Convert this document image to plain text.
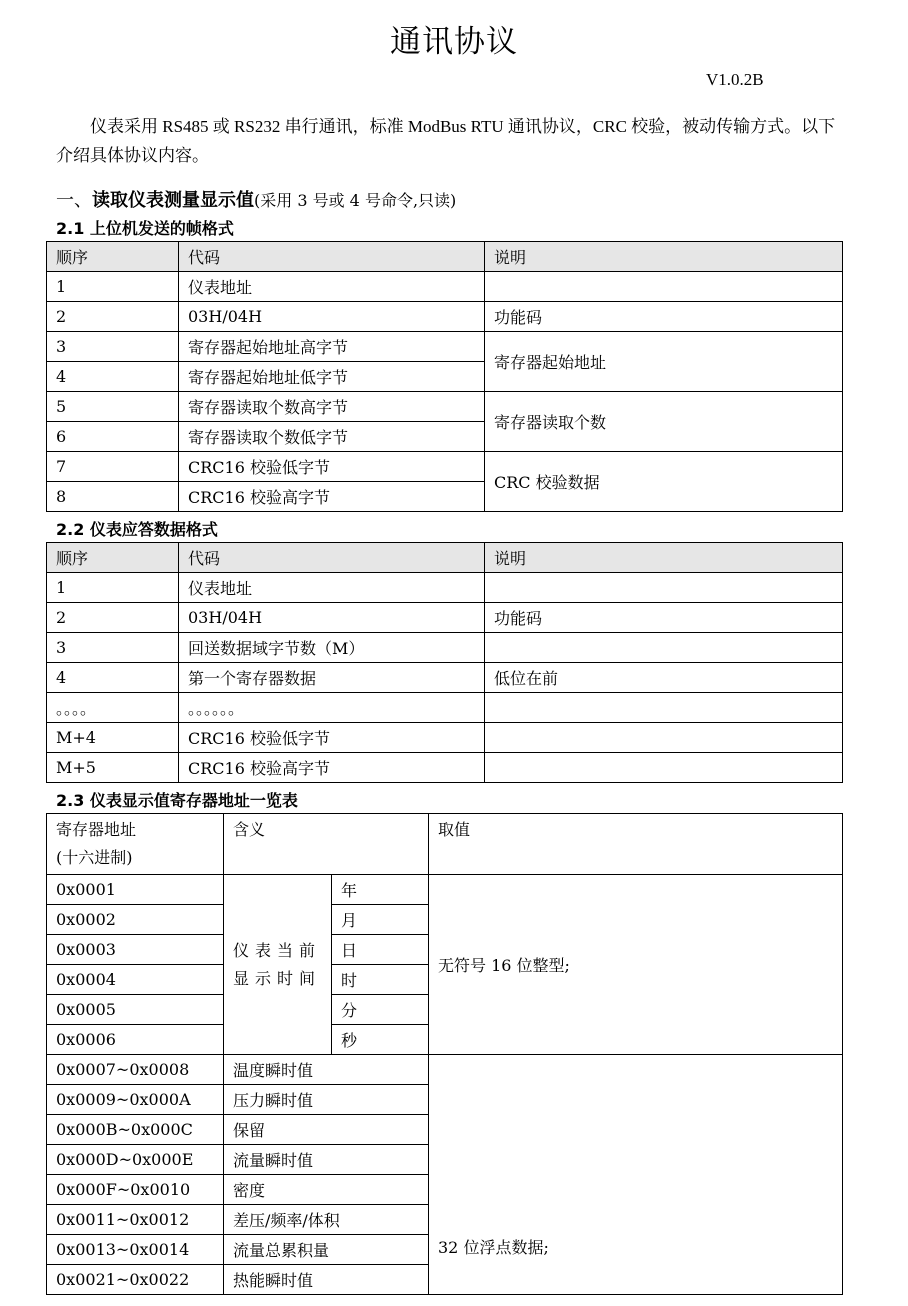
通讯协议
V1.0.2B
仪表采用 RS485 或 RS232 串行通讯，标准 ModBus RTU 通讯协议，CRC 校验，被动传输方式。以下介绍具体协议内容。
一、读取仪表测量显示值(采用 3 号或 4 号命令,只读)
2.1 上位机发送的帧格式
顺序	代码	说明
1	仪表地址	
2	03H/04H	功能码
3	寄存器起始地址高字节	寄存器起始地址
4	寄存器起始地址低字节	
5	寄存器读取个数高字节	寄存器读取个数
6	寄存器读取个数低字节	
7	CRC16 校验低字节	CRC 校验数据
8	CRC16 校验高字节	
2.2 仪表应答数据格式
顺序	代码	说明
1	仪表地址	
2	03H/04H	功能码
3	回送数据域字节数（M）	
4	第一个寄存器数据	低位在前
。。。。	。。。。。。	
M+4	CRC16 校验低字节	
M+5	CRC16 校验高字节	
2.3 仪表显示值寄存器地址一览表
寄存器地址
(十六进制)	含义		取值
0x0001	仪表当前显示时间	年	无符号 16 位整型;
0x0002		月	
0x0003		日	
0x0004		时	
0x0005		分	
0x0006		秒	
0x0007~0x0008	温度瞬时值		32 位浮点数据;
0x0009~0x000A	压力瞬时值		
0x000B~0x000C	保留		
0x000D~0x000E	流量瞬时值		
0x000F~0x0010	密度		
0x0011~0x0012	差压/频率/体积		
0x0013~0x0014	流量总累积量		
0x0021~0x0022	热能瞬时值		
